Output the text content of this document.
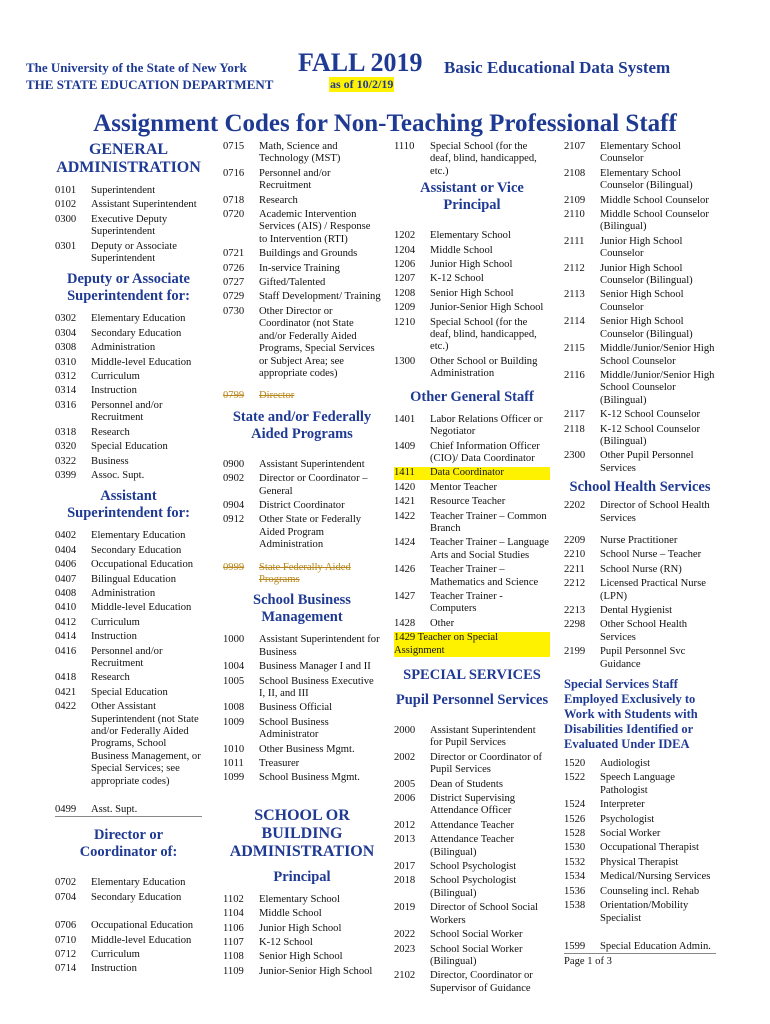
The University of the State of New York
THE STATE EDUCATION DEPARTMENT
FALL 2019
as of 10/2/19
Basic Educational Data System
Assignment Codes for Non-Teaching Professional Staff
GENERAL ADMINISTRATION
0101	Superintendent
0102	Assistant Superintendent
0300	Executive Deputy Superintendent
0301	Deputy or Associate Superintendent
Deputy or Associate Superintendent for:
0302	Elementary Education
0304	Secondary Education
0308	Administration
0310	Middle-level Education
0312	Curriculum
0314	Instruction
0316	Personnel and/or Recruitment
0318	Research
0320	Special Education
0322	Business
0399	Assoc. Supt.
Assistant Superintendent for:
0402	Elementary Education
0404	Secondary Education
0406	Occupational Education
0407	Bilingual Education
0408	Administration
0410	Middle-level Education
0412	Curriculum
0414	Instruction
0416	Personnel and/or Recruitment
0418	Research
0421	Special Education
0422	Other Assistant Superintendent (not State and/or Federally Aided Programs, School Business Management, or Special Services; see appropriate codes)
0499	Asst. Supt.
Director or Coordinator of:
0702	Elementary Education
0704	Secondary Education
0706	Occupational Education
0710	Middle-level Education
0712	Curriculum
0714	Instruction
0715	Math, Science and Technology (MST)
0716	Personnel and/or Recruitment
0718	Research
0720	Academic Intervention Services (AIS) / Response to Intervention (RTI)
0721	Buildings and Grounds
0726	In-service Training
0727	Gifted/Talented
0729	Staff Development/ Training
0730	Other Director or Coordinator (not State and/or Federally Aided Programs, Special Services or Subject Area; see appropriate codes)
0799	Director
State and/or Federally Aided Programs
0900	Assistant Superintendent
0902	Director or Coordinator – General
0904	District Coordinator
0912	Other State or Federally Aided Program Administration
0999	State Federally Aided Programs
School Business Management
1000	Assistant Superintendent for Business
1004	Business Manager I and II
1005	School Business Executive I, II, and III
1008	Business Official
1009	School Business Administrator
1010	Other Business Mgmt.
1011	Treasurer
1099	School Business Mgmt.
SCHOOL OR BUILDING ADMINISTRATION
Principal
1102	Elementary School
1104	Middle School
1106	Junior High School
1107	K-12 School
1108	Senior High School
1109	Junior-Senior High School
1110	Special School (for the deaf, blind, handicapped, etc.)
Assistant or Vice Principal
1202	Elementary School
1204	Middle School
1206	Junior High School
1207	K-12 School
1208	Senior High School
1209	Junior-Senior High School
1210	Special School (for the deaf, blind, handicapped, etc.)
1300	Other School or Building Administration
Other General Staff
1401	Labor Relations Officer or Negotiator
1409	Chief Information Officer (CIO)/ Data Coordinator
1411	Data Coordinator
1420	Mentor Teacher
1421	Resource Teacher
1422	Teacher Trainer – Common Branch
1424	Teacher Trainer – Language Arts and Social Studies
1426	Teacher Trainer – Mathematics and Science
1427	Teacher Trainer - Computers
1428	Other
1429 Teacher on Special Assignment
SPECIAL SERVICES
Pupil Personnel Services
2000	Assistant Superintendent for Pupil Services
2002	Director or Coordinator of Pupil Services
2005	Dean of Students
2006	District Supervising Attendance Officer
2012	Attendance Teacher
2013	Attendance Teacher (Bilingual)
2017	School Psychologist
2018	School Psychologist (Bilingual)
2019	Director of School Social Workers
2022	School Social Worker
2023	School Social Worker (Bilingual)
2102	Director, Coordinator or Supervisor of Guidance
2107	Elementary School Counselor
2108	Elementary School Counselor (Bilingual)
2109	Middle School Counselor
2110	Middle School Counselor (Bilingual)
2111	Junior High School Counselor
2112	Junior High School Counselor (Bilingual)
2113	Senior High School Counselor
2114	Senior High School Counselor (Bilingual)
2115	Middle/Junior/Senior High School Counselor
2116	Middle/Junior/Senior High School Counselor (Bilingual)
2117	K-12 School Counselor
2118	K-12 School Counselor (Bilingual)
2300	Other Pupil Personnel Services
School Health Services
2202	Director of School Health Services
2209	Nurse Practitioner
2210	School Nurse – Teacher
2211	School Nurse (RN)
2212	Licensed Practical Nurse (LPN)
2213	Dental Hygienist
2298	Other School Health Services
2199	Pupil Personnel Svc Guidance
Special Services Staff Employed Exclusively to Work with Students with Disabilities Identified or Evaluated Under IDEA
1520	Audiologist
1522	Speech Language Pathologist
1524	Interpreter
1526	Psychologist
1528	Social Worker
1530	Occupational Therapist
1532	Physical Therapist
1534	Medical/Nursing Services
1536	Counseling incl. Rehab
1538	Orientation/Mobility Specialist
1599	Special Education Admin.
Page 1 of 3
